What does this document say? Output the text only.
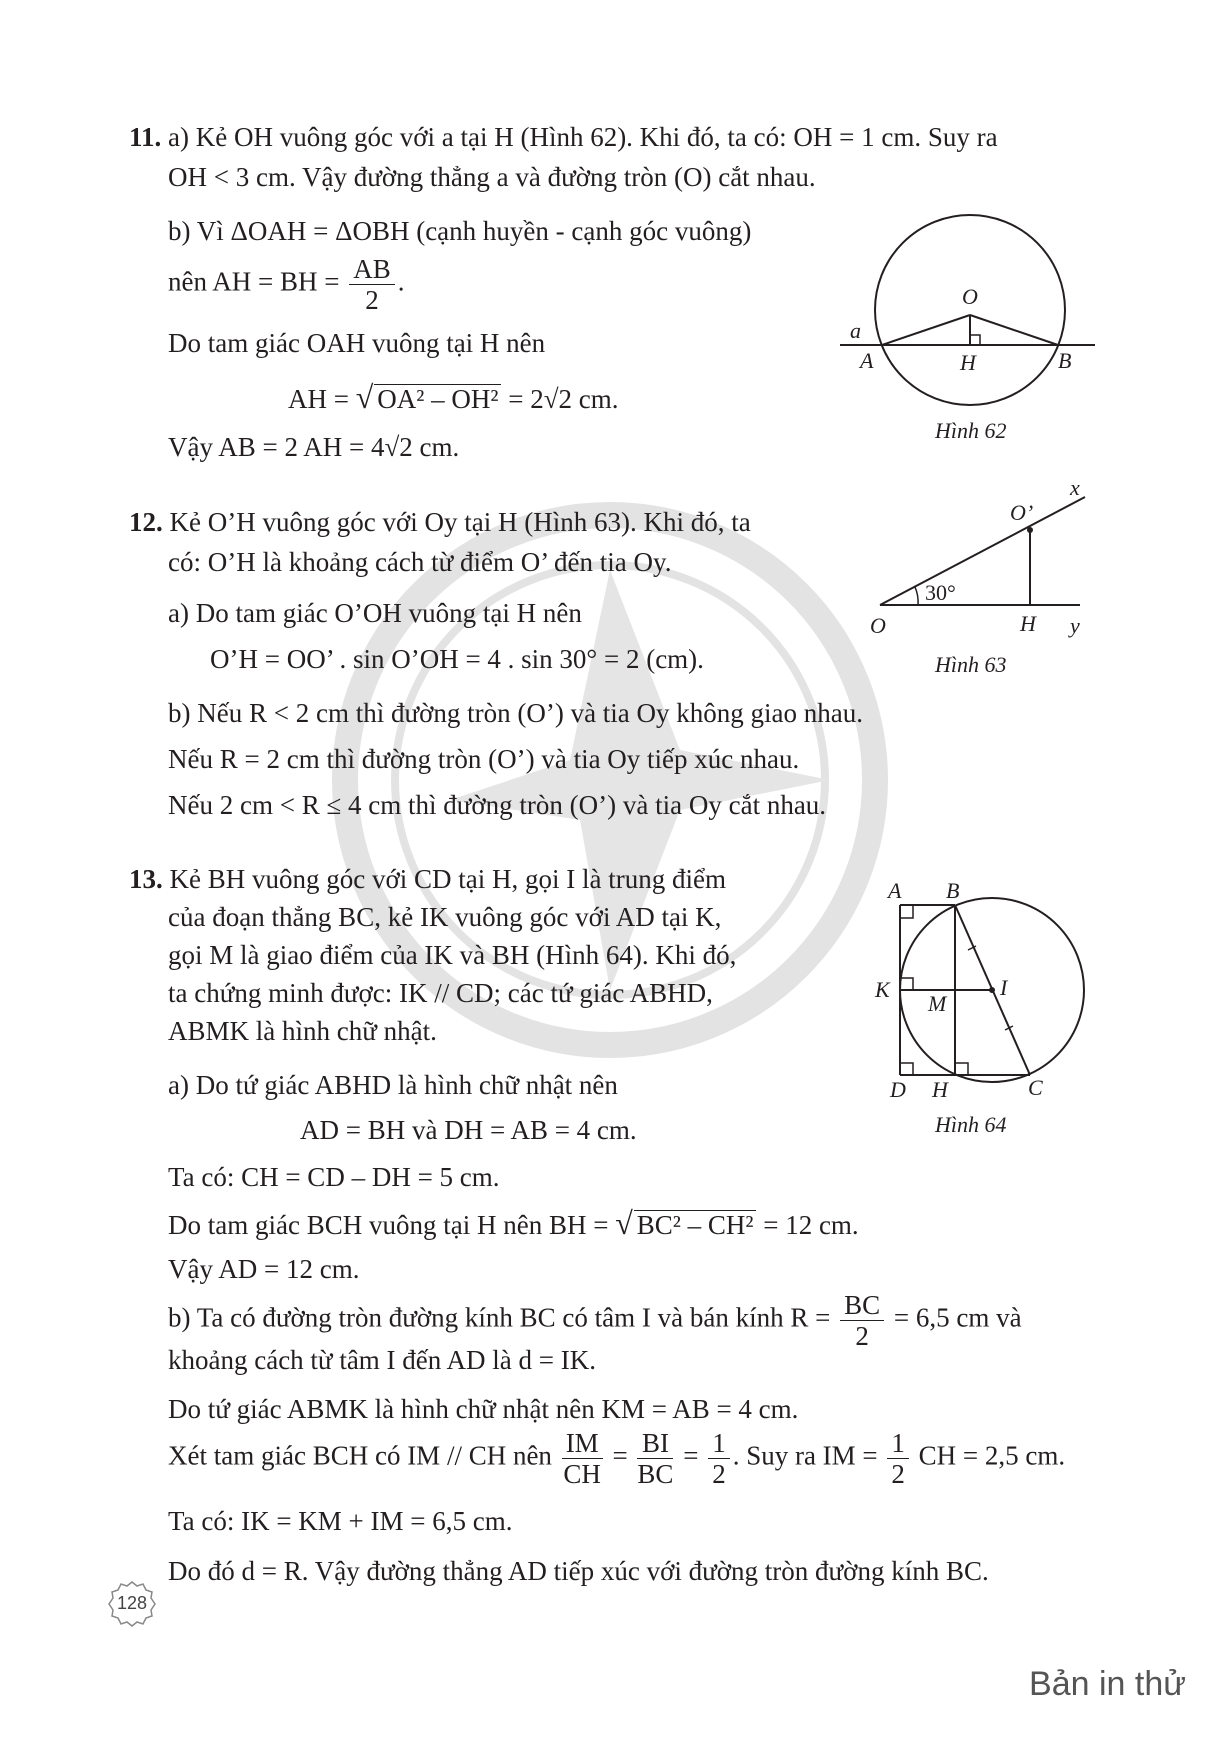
11. a) Kẻ OH vuông góc với a tại H (Hình 62). Khi đó, ta có: OH = 1 cm. Suy ra
OH < 3 cm. Vậy đường thẳng a và đường tròn (O) cắt nhau.
b) Vì ΔOAH = ΔOBH (cạnh huyền - cạnh góc vuông)
nên AH = BH = $\frac{AB}{2}$ .
Do tam giác OAH vuông tại H nên
AH = √ OA² – OH² = 2√2 cm.
Vậy AB = 2 AH = 4√2 cm.
O
a
A	H	B
Hình 62
12. Kẻ O’H vuông góc với Oy tại H (Hình 63). Khi đó, ta
có: O’H là khoảng cách từ điểm O’ đến tia Oy.
a) Do tam giác O’OH vuông tại H nên
O’H = OO’ . sin O’OH = 4 . sin 30° = 2 (cm).
b) Nếu R < 2 cm thì đường tròn (O’) và tia Oy không giao nhau.
Nếu R = 2 cm thì đường tròn (O’) và tia Oy tiếp xúc nhau.
Nếu 2 cm < R ≤ 4 cm thì đường tròn (O’) và tia Oy cắt nhau.
30°
x
O’
O	H y
Hình 63
13. Kẻ BH vuông góc với CD tại H, gọi I là trung điểm
của đoạn thẳng BC, kẻ IK vuông góc với AD tại K,
gọi M là giao điểm của IK và BH (Hình 64). Khi đó,
ta chứng minh được: IK // CD; các tứ giác ABHD,
ABMK là hình chữ nhật.
a) Do tứ giác ABHD là hình chữ nhật nên
AD = BH và DH = AB = 4 cm.
Ta có: CH = CD – DH = 5 cm.
Do tam giác BCH vuông tại H nên BH = √ BC² – CH² = 12 cm.
Vậy AD = 12 cm.
b) Ta có đường tròn đường kính BC có tâm I và bán kính $R = \frac{BC}{2} = 6,5$ cm và
khoảng cách từ tâm I đến AD là d = IK.
Do tứ giác ABMK là hình chữ nhật nên KM = AB = 4 cm.
Xét tam giác BCH có IM // CH nên $\frac{IM}{CH} = \frac{BI}{BC} = \frac{1}{2}$ . Suy ra IM = $\frac{1}{2}$ CH = 2,5 cm.
Ta có: IK = KM + IM = 6,5 cm.
Do đó d = R. Vậy đường thẳng AD tiếp xúc với đường tròn đường kính BC.
A B
K
M
I
D H	C
Hình 64
128
Bản in thử
